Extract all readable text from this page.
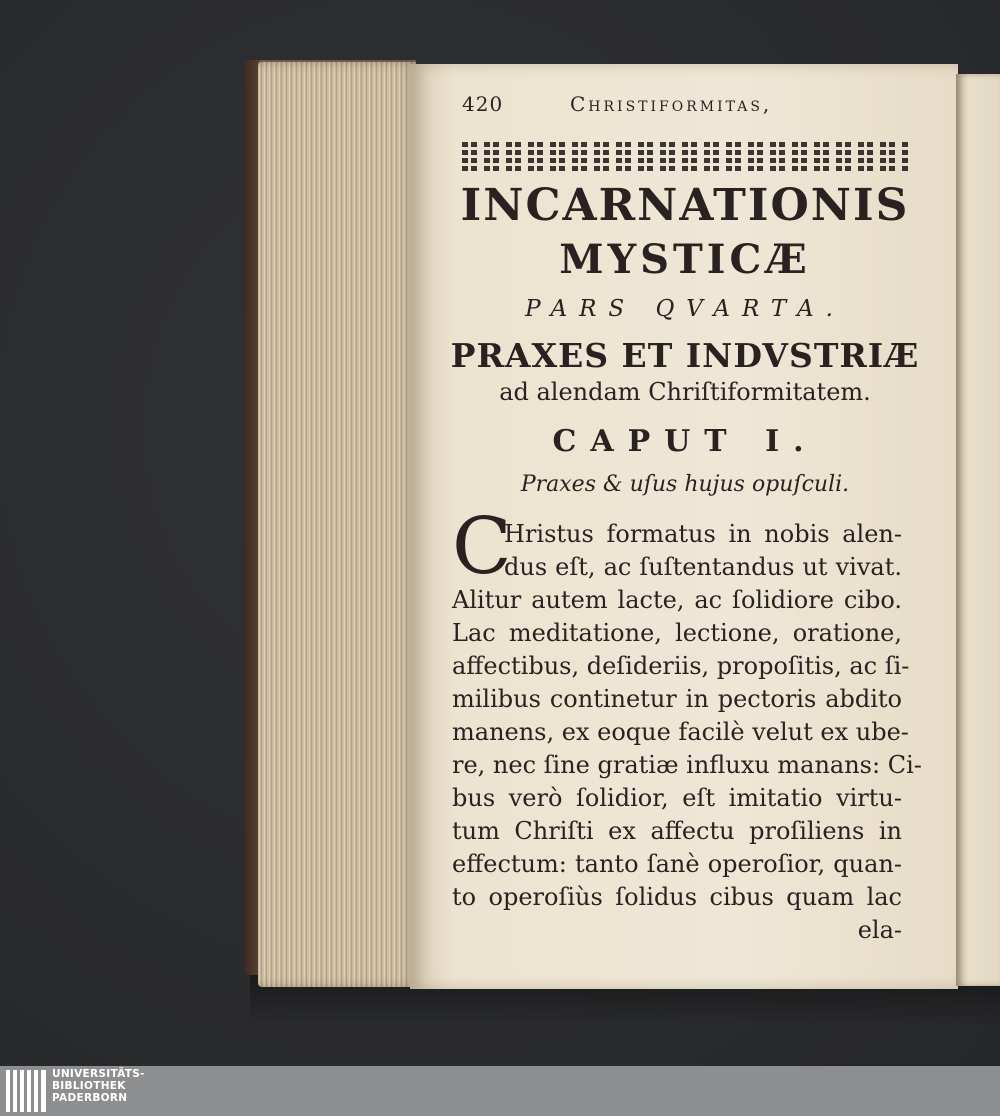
420	Christiformitas,
INCARNATIONIS
MYSTICÆ
PARS QVARTA.
PRAXES ET INDVSTRIÆ
ad alendam Chriſtiformitatem.
CAPUT I.
Praxes & uſus hujus opuſculi.
C
Hristus formatus in nobis alen-
dus eſt, ac ſuſtentandus ut vivat.
Alitur autem lacte, ac ſolidiore cibo.
Lac meditatione, lectione, oratione,
affectibus, deſideriis, propoſitis, ac ſi-
milibus continetur in pectoris abdito
manens, ex eoque facilè velut ex ube-
re, nec ſine gratiæ influxu manans: Ci-
bus verò ſolidior, eſt imitatio virtu-
tum Chriſti ex affectu proſiliens in
effectum: tanto ſanè operoſior, quan-
to operoſiùs ſolidus cibus quam lac
ela-
UNIVERSITÄTS-
BIBLIOTHEK
PADERBORN
